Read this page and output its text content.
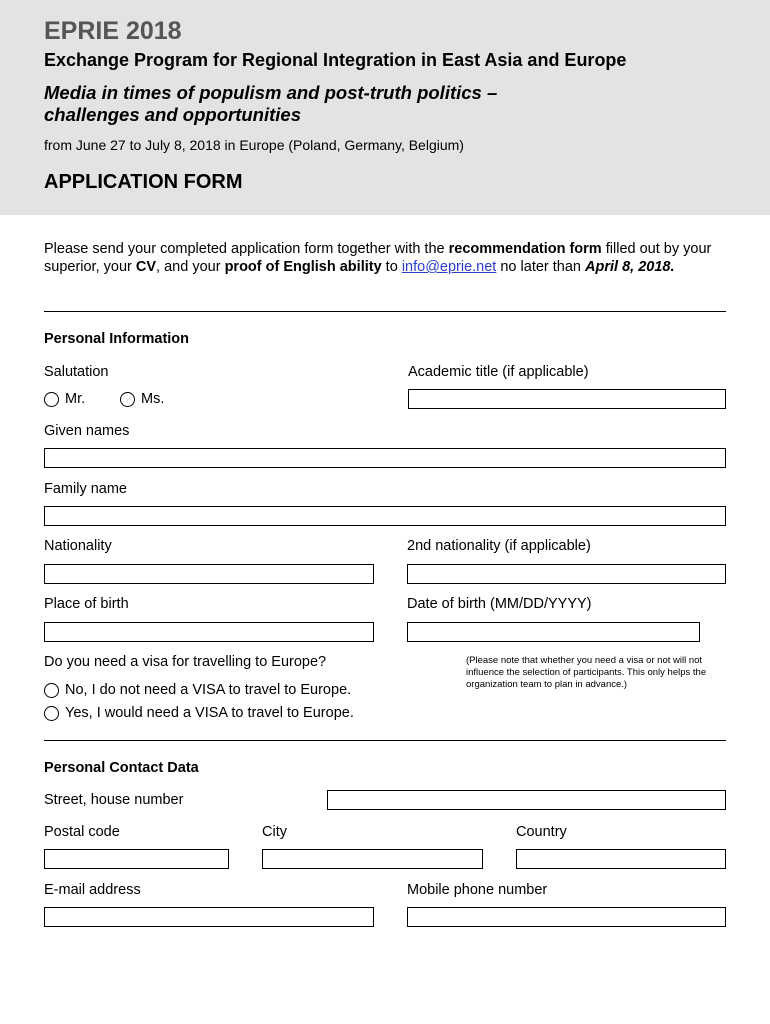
EPRIE 2018
Exchange Program for Regional Integration in East Asia and Europe
Media in times of populism and post-truth politics –
challenges and opportunities
from June 27 to July 8, 2018 in Europe (Poland, Germany, Belgium)
APPLICATION FORM

Please send your completed application form together with the recommendation form filled out by your superior, your CV, and your proof of English ability to info@eprie.net no later than April 8, 2018.

Personal Information
Salutation	Academic title (if applicable)
Mr.	Ms.
Given names
Family name
Nationality	2nd nationality (if applicable)
Place of birth	Date of birth (MM/DD/YYYY)
Do you need a visa for travelling to Europe?	(Please note that whether you need a visa or not will not influence the selection of participants. This only helps the organization team to plan in advance.)
No, I do not need a VISA to travel to Europe.
Yes, I would need a VISA to travel to Europe.
Personal Contact Data
Street, house number
Postal code	City	Country
E-mail address	Mobile phone number
